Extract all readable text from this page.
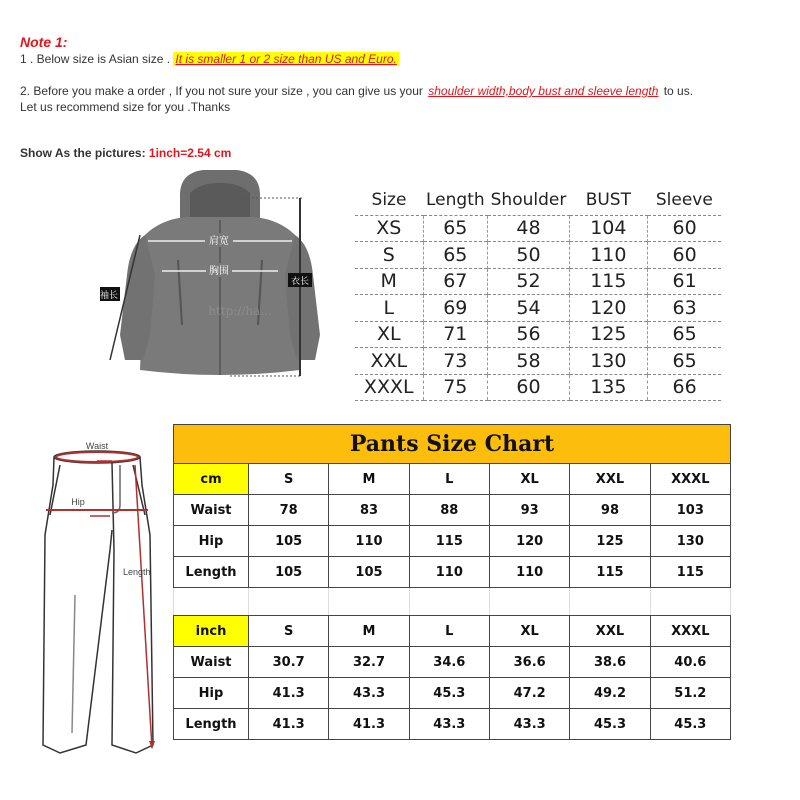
Note 1:
1 . Below size is Asian size . It is smaller 1 or 2 size than US and Euro.
2. Before you make a order , If you not sure your size , you can give us your shoulder width,body bust and sleeve length to us.
Let us recommend size for you .Thanks
Show As the pictures: 1inch=2.54 cm
肩宽
胸围
袖长
衣长
http://ha...
Size	Length	Shoulder	BUST	Sleeve
XS	65	48	104	60
S	65	50	110	60
M	67	52	115	61
L	69	54	120	63
XL	71	56	125	65
XXL	73	58	130	65
XXXL	75	60	135	66
Waist
Hip
Length
Pants Size Chart						
cm	S	M	L	XL	XXL	XXXL
Waist	78	83	88	93	98	103
Hip	105	110	115	120	125	130
Length	105	105	110	110	115	115

inch	S	M	L	XL	XXL	XXXL
Waist	30.7	32.7	34.6	36.6	38.6	40.6
Hip	41.3	43.3	45.3	47.2	49.2	51.2
Length	41.3	41.3	43.3	43.3	45.3	45.3
